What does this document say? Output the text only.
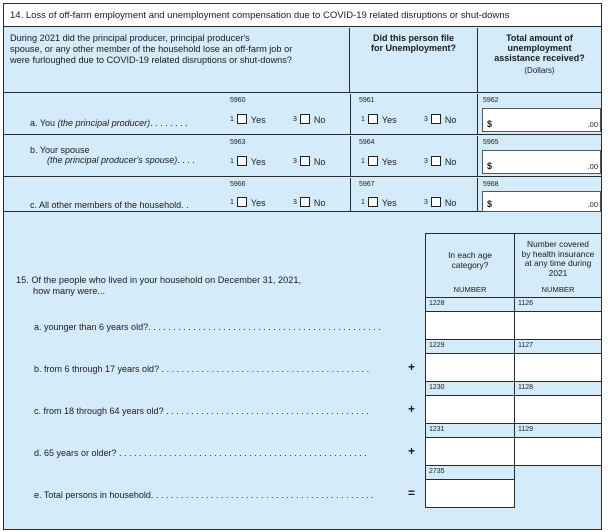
14. Loss of off-farm employment and unemployment compensation due to COVID-19 related disruptions or shut-downs
During 2021 did the principal producer, principal producer's
spouse, or any other member of the household lose an off-farm job or
were furloughed due to COVID-19 related disruptions or shut-downs?
Did this person file
for Unemployment?
Total amount of
unemployment
assistance received?
(Dollars)
a. You (the principal producer). . . . . . . .
5960
$^1$ Yes	$^3$ No
5961
$^1$ Yes	$^3$ No
5962
$	.00
b. Your spouse
(the principal producer's spouse). . . .
5963
$^1$ Yes	$^3$ No
5964
$^1$ Yes	$^3$ No
5965
$	.00
c. All other members of the household. .
5966
$^1$ Yes	$^3$ No
5967
$^1$ Yes	$^3$ No
5968
$	.00
15. Of the people who lived in your household on December 31, 2021,
how many were...
In each age
category?
NUMBER
Number covered
by health insurance
at any time during
2021
NUMBER
a. younger than 6 years old?. . . . . . . . . . . . . . . . . . . . . . . . . . . . . . . . . . . . . . . . . . . . . . .
1228	1126
b. from 6 through 17 years old? . . . . . . . . . . . . . . . . . . . . . . . . . . . . . . . . . . . . . . . . . .	+
1229	1127
c. from 18 through 64 years old? . . . . . . . . . . . . . . . . . . . . . . . . . . . . . . . . . . . . . . . . .	+
1230	1128
d. 65 years or older? . . . . . . . . . . . . . . . . . . . . . . . . . . . . . . . . . . . . . . . . . . . . . . . . . .	+
1231	1129
e. Total persons in household. . . . . . . . . . . . . . . . . . . . . . . . . . . . . . . . . . . . . . . . . . . . .	=
2735
